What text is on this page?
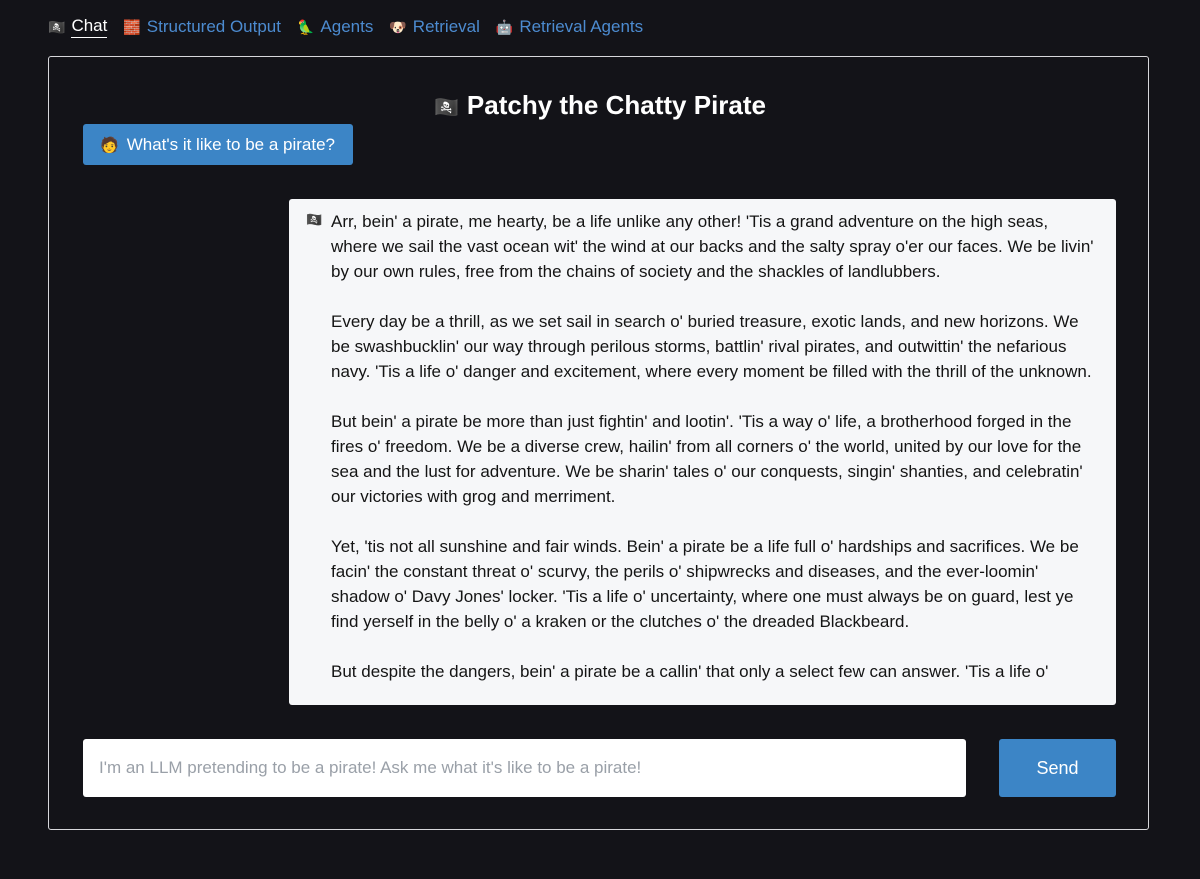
🏴‍☠️ Chat 🧱 Structured Output 🦜 Agents 🐶 Retrieval 🤖 Retrieval Agents
🏴‍☠️ Patchy the Chatty Pirate
🧑 What's it like to be a pirate?
🏴‍☠️ Arr, bein' a pirate, me hearty, be a life unlike any other! 'Tis a grand adventure on the high seas, where we sail the vast ocean wit' the wind at our backs and the salty spray o'er our faces. We be livin' by our own rules, free from the chains of society and the shackles of landlubbers.

Every day be a thrill, as we set sail in search o' buried treasure, exotic lands, and new horizons. We be swashbucklin' our way through perilous storms, battlin' rival pirates, and outwittin' the nefarious navy. 'Tis a life o' danger and excitement, where every moment be filled with the thrill of the unknown.

But bein' a pirate be more than just fightin' and lootin'. 'Tis a way o' life, a brotherhood forged in the fires o' freedom. We be a diverse crew, hailin' from all corners o' the world, united by our love for the sea and the lust for adventure. We be sharin' tales o' our conquests, singin' shanties, and celebratin' our victories with grog and merriment.

Yet, 'tis not all sunshine and fair winds. Bein' a pirate be a life full o' hardships and sacrifices. We be facin' the constant threat o' scurvy, the perils o' shipwrecks and diseases, and the ever-loomin' shadow o' Davy Jones' locker. 'Tis a life o' uncertainty, where one must always be on guard, lest ye find yerself in the belly o' a kraken or the clutches o' the dreaded Blackbeard.

But despite the dangers, bein' a pirate be a callin' that only a select few can answer. 'Tis a life o'

I'm an LLM pretending to be a pirate! Ask me what it's like to be a pirate!
Send
